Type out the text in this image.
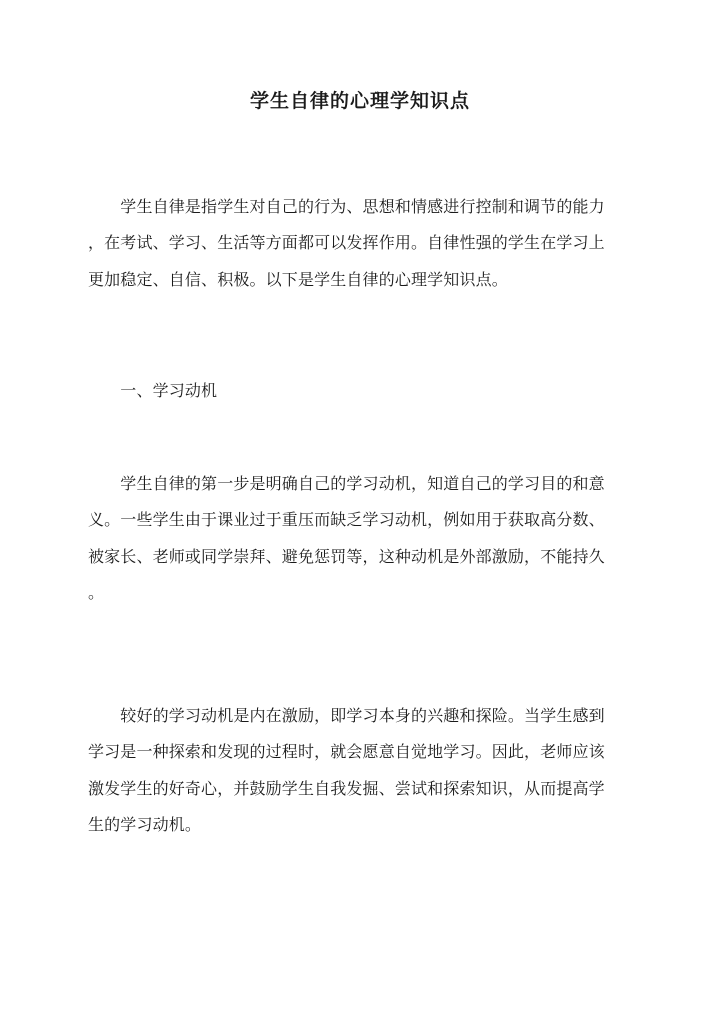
学生自律的心理学知识点

　　学生自律是指学生对自己的行为、思想和情感进行控制和调节的能力

，在考试、学习、生活等方面都可以发挥作用。自律性强的学生在学习上

更加稳定、自信、积极。以下是学生自律的心理学知识点。

　　一、学习动机

　　学生自律的第一步是明确自己的学习动机，知道自己的学习目的和意

义。一些学生由于课业过于重压而缺乏学习动机，例如用于获取高分数、

被家长、老师或同学崇拜、避免惩罚等，这种动机是外部激励，不能持久

。

　　较好的学习动机是内在激励，即学习本身的兴趣和探险。当学生感到

学习是一种探索和发现的过程时，就会愿意自觉地学习。因此，老师应该

激发学生的好奇心，并鼓励学生自我发掘、尝试和探索知识，从而提高学

生的学习动机。
